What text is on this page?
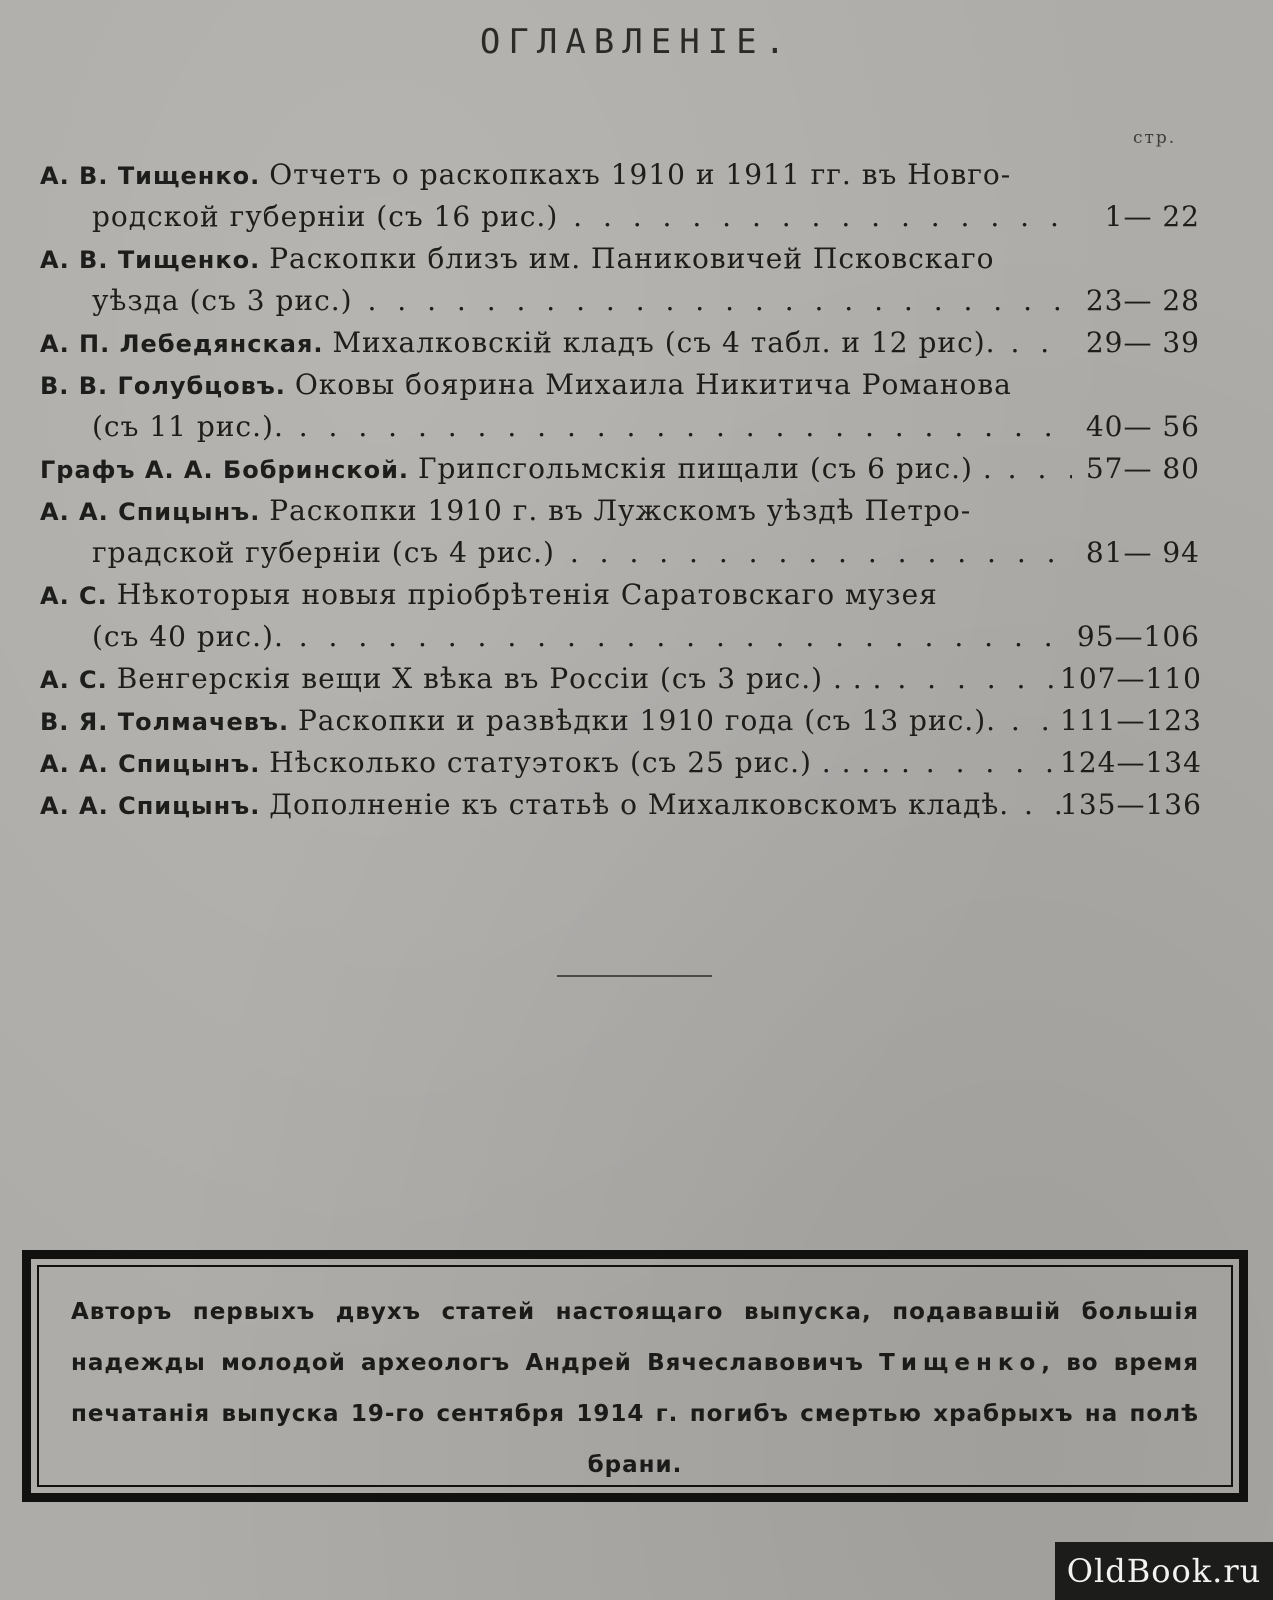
ОГЛАВЛЕНІЕ.
стр.
А. В. Тищенко. Отчетъ о раскопкахъ 1910 и 1911 гг. въ Новго-
родской губерніи (съ 16 рис.) . . .	1— 22
А. В. Тищенко. Раскопки близъ им. Паниковичей Псковскаго
уѣзда (съ 3 рис.) . . .	23— 28
А. П. Лебедянская. Михалковскій кладъ (съ 4 табл. и 12 рис). . . .	29— 39
В. В. Голубцовъ. Оковы боярина Михаила Никитича Романова
(съ 11 рис.). . . .	40— 56
Графъ А. А. Бобринской. Грипсгольмскія пищали (съ 6 рис.) . . . .	57— 80
А. А. Спицынъ. Раскопки 1910 г. въ Лужскомъ уѣздѣ Петро-
градской губерніи (съ 4 рис.) . . .	81— 94
А. С. Нѣкоторыя новыя пріобрѣтенія Саратовскаго музея
(съ 40 рис.). . . .	95—106
А. С. Венгерскія вещи Х вѣка въ Россіи (съ 3 рис.) . . . . . .	107—110
В. Я. Толмачевъ. Раскопки и развѣдки 1910 года (съ 13 рис.). . . .	111—123
А. А. Спицынъ. Нѣсколько статуэтокъ (съ 25 рис.) . . . . . . . .	124—134
А. А. Спицынъ. Дополненіе къ статьѣ о Михалковскомъ кладѣ. . . .	135—136
Авторъ первыхъ двухъ статей настоящаго выпуска, подававшій большія надежды молодой археологъ Андрей Вячеславовичъ Тищенко, во время печатанія выпуска 19-го сентября 1914 г. погибъ смертью храбрыхъ на полѣ брани.
OldBook.ru
